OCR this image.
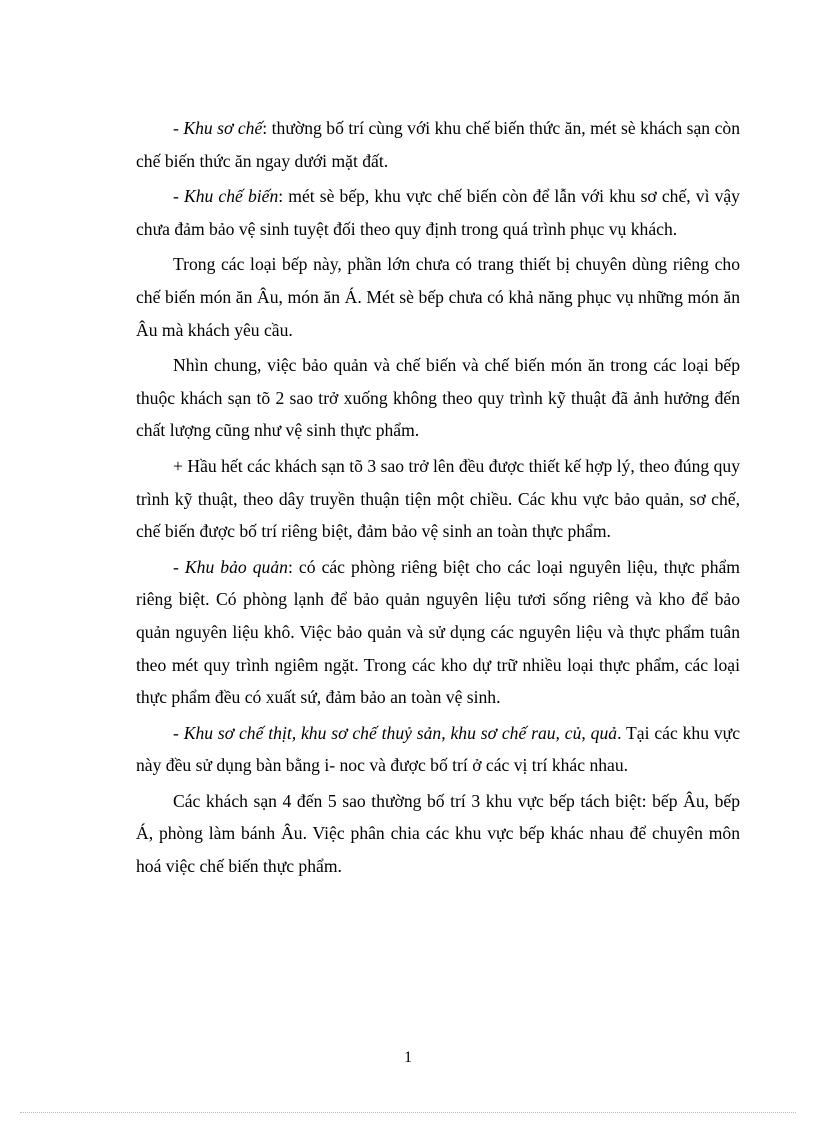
- Khu sơ chế: thường bố trí cùng với khu chế biến thức ăn, mét sè khách sạn còn chế biến thức ăn ngay dưới mặt đất.

- Khu chế biến: mét sè bếp, khu vực chế biến còn để lẫn với khu sơ chế, vì vậy chưa đảm bảo vệ sinh tuyệt đối theo quy định trong quá trình phục vụ khách.

Trong các loại bếp này, phần lớn chưa có trang thiết bị chuyên dùng riêng cho chế biến món ăn Âu, món ăn Á. Mét sè bếp chưa có khả năng phục vụ những món ăn Âu mà khách yêu cầu.

Nhìn chung, việc bảo quản và chế biến và chế biến món ăn trong các loại bếp thuộc khách sạn tõ 2 sao trở xuống không theo quy trình kỹ thuật đã ảnh hưởng đến chất lượng cũng như vệ sinh thực phẩm.

+ Hầu hết các khách sạn tõ 3 sao trở lên đều được thiết kế hợp lý, theo đúng quy trình kỹ thuật, theo dây truyền thuận tiện một chiều. Các khu vực bảo quản, sơ chế, chế biến được bố trí riêng biệt, đảm bảo vệ sinh an toàn thực phẩm.

- Khu bảo quản: có các phòng riêng biệt cho các loại nguyên liệu, thực phẩm riêng biệt. Có phòng lạnh để bảo quản nguyên liệu tươi sống riêng và kho để bảo quản nguyên liệu khô. Việc bảo quản và sử dụng các nguyên liệu và thực phẩm tuân theo mét quy trình ngiêm ngặt. Trong các kho dự trữ nhiều loại thực phẩm, các loại thực phẩm đều có xuất sứ, đảm bảo an toàn vệ sinh.

- Khu sơ chế thịt, khu sơ chế thuỷ sản, khu sơ chế rau, củ, quả. Tại các khu vực này đều sử dụng bàn bằng i- noc và được bố trí ở các vị trí khác nhau.

Các khách sạn 4 đến 5 sao thường bố trí 3 khu vực bếp tách biệt: bếp Âu, bếp Á, phòng làm bánh Âu. Việc phân chia các khu vực bếp khác nhau để chuyên môn hoá việc chế biến thực phẩm.

1
